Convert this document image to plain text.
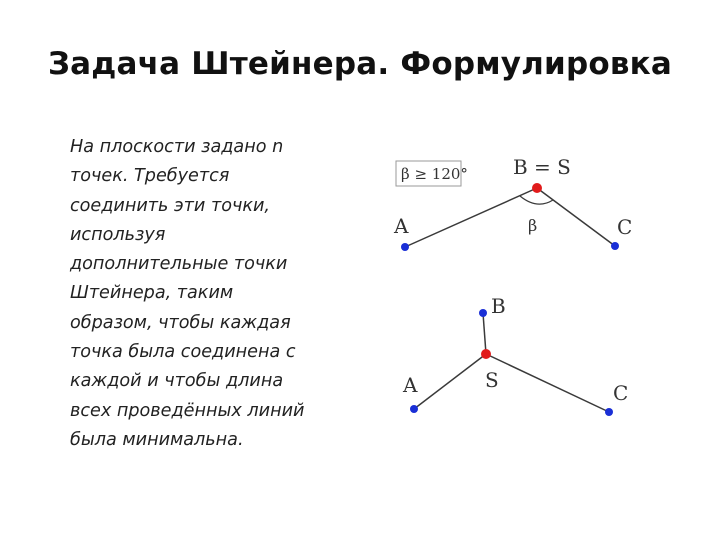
Задача Штейнера. Формулировка
На плоскости задано n
точек. Требуется
соединить эти точки,
используя
дополнительные точки
Штейнера, таким
образом, чтобы каждая
точка была соединена с
каждой и чтобы длина
всех проведённых линий
была минимальна.
β ≥ 120° B = S
A	C
β
B
S
A	C
